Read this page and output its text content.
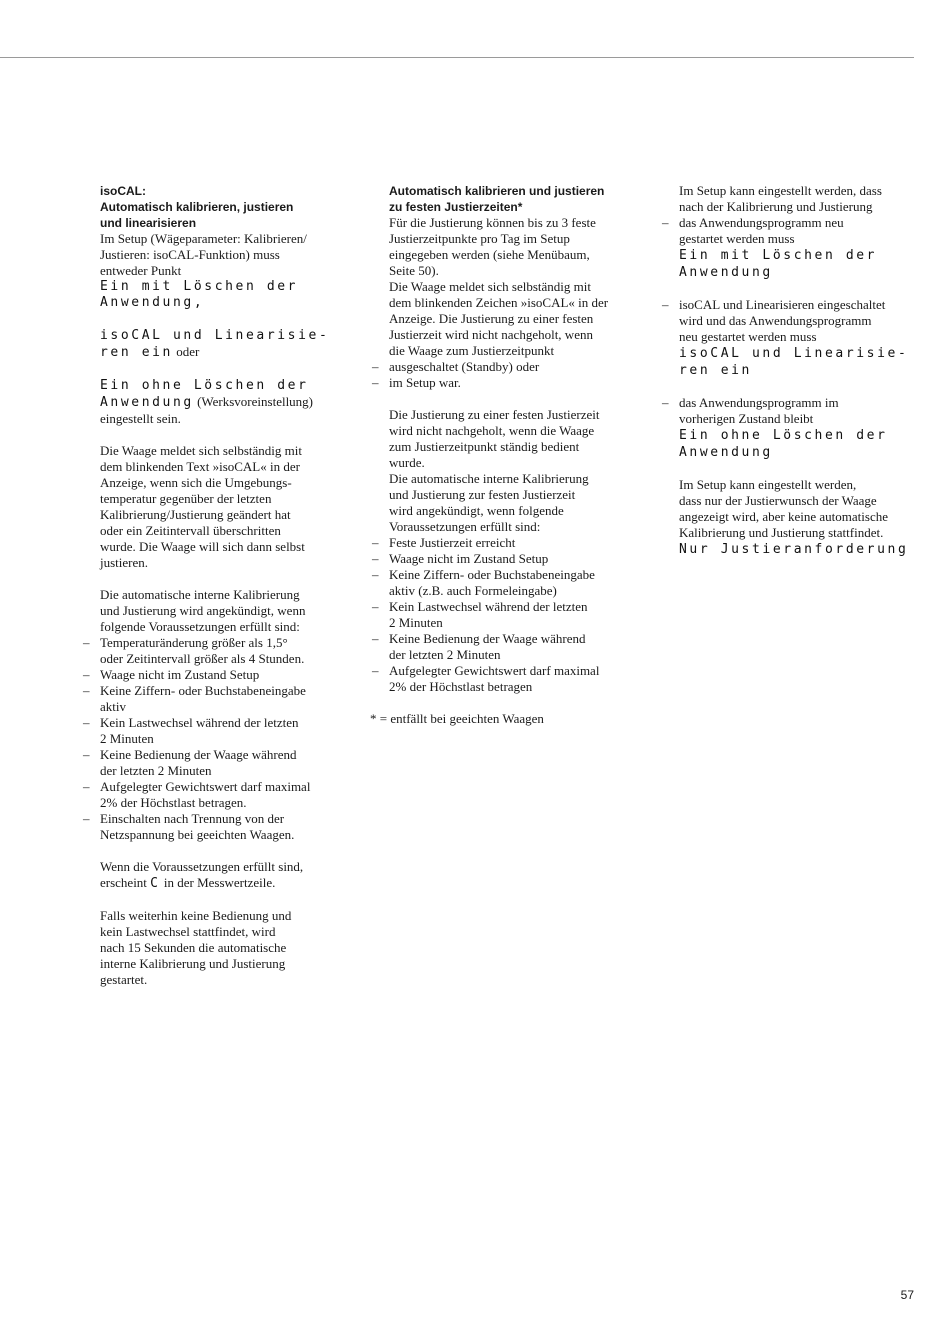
isoCAL:
Automatisch kalibrieren, justieren
und linearisieren

Im Setup (Wägeparameter: Kalibrieren/
Justieren: isoCAL-Funktion) muss
entweder Punkt

Ein mit Löschen der
Anwendung,
isoCAL und Linearisie-
ren ein oder
Ein ohne Löschen der
Anwendung (Werksvoreinstellung)
eingestellt sein.

Die Waage meldet sich selbständig mit
dem blinkenden Text »isoCAL« in der
Anzeige, wenn sich die Umgebungs-
temperatur gegenüber der letzten
Kalibrierung/Justierung geändert hat
oder ein Zeitintervall überschritten
wurde. Die Waage will sich dann selbst
justieren.

Die automatische interne Kalibrierung
und Justierung wird angekündigt, wenn
folgende Voraussetzungen erfüllt sind:

– Temperaturänderung größer als 1,5°
oder Zeitintervall größer als 4 Stunden.
– Waage nicht im Zustand Setup
– Keine Ziffern- oder Buchstabeneingabe
aktiv
– Kein Lastwechsel während der letzten
2 Minuten
– Keine Bedienung der Waage während
der letzten 2 Minuten
– Aufgelegter Gewichtswert darf maximal
2% der Höchstlast betragen.
– Einschalten nach Trennung von der
Netzspannung bei geeichten Waagen.

Wenn die Voraussetzungen erfüllt sind,
erscheint C in der Messwertzeile.

Falls weiterhin keine Bedienung und
kein Lastwechsel stattfindet, wird
nach 15 Sekunden die automatische
interne Kalibrierung und Justierung
gestartet.

Automatisch kalibrieren und justieren
zu festen Justierzeiten*

Für die Justierung können bis zu 3 feste
Justierzeitpunkte pro Tag im Setup
eingegeben werden (siehe Menübaum,
Seite 50).
Die Waage meldet sich selbständig mit
dem blinkenden Zeichen »isoCAL« in der
Anzeige. Die Justierung zu einer festen
Justierzeit wird nicht nachgeholt, wenn
die Waage zum Justierzeitpunkt

– ausgeschaltet (Standby) oder
– im Setup war.

Die Justierung zu einer festen Justierzeit
wird nicht nachgeholt, wenn die Waage
zum Justierzeitpunkt ständig bedient
wurde.
Die automatische interne Kalibrierung
und Justierung zur festen Justierzeit
wird angekündigt, wenn folgende
Voraussetzungen erfüllt sind:

– Feste Justierzeit erreicht
– Waage nicht im Zustand Setup
– Keine Ziffern- oder Buchstabeneingabe
aktiv (z.B. auch Formeleingabe)
– Kein Lastwechsel während der letzten
2 Minuten
– Keine Bedienung der Waage während
der letzten 2 Minuten
– Aufgelegter Gewichtswert darf maximal
2% der Höchstlast betragen
* = entfällt bei geeichten Waagen

Im Setup kann eingestellt werden, dass
nach der Kalibrierung und Justierung

– das Anwendungsprogramm neu
gestartet werden muss
Ein mit Löschen der
Anwendung
– isoCAL und Linearisieren eingeschaltet
wird und das Anwendungsprogramm
neu gestartet werden muss
isoCAL und Linearisie-
ren ein
– das Anwendungsprogramm im
vorherigen Zustand bleibt
Ein ohne Löschen der
Anwendung

Im Setup kann eingestellt werden,
dass nur der Justierwunsch der Waage
angezeigt wird, aber keine automatische
Kalibrierung und Justierung stattfindet.
Nur Justieranforderung

57
